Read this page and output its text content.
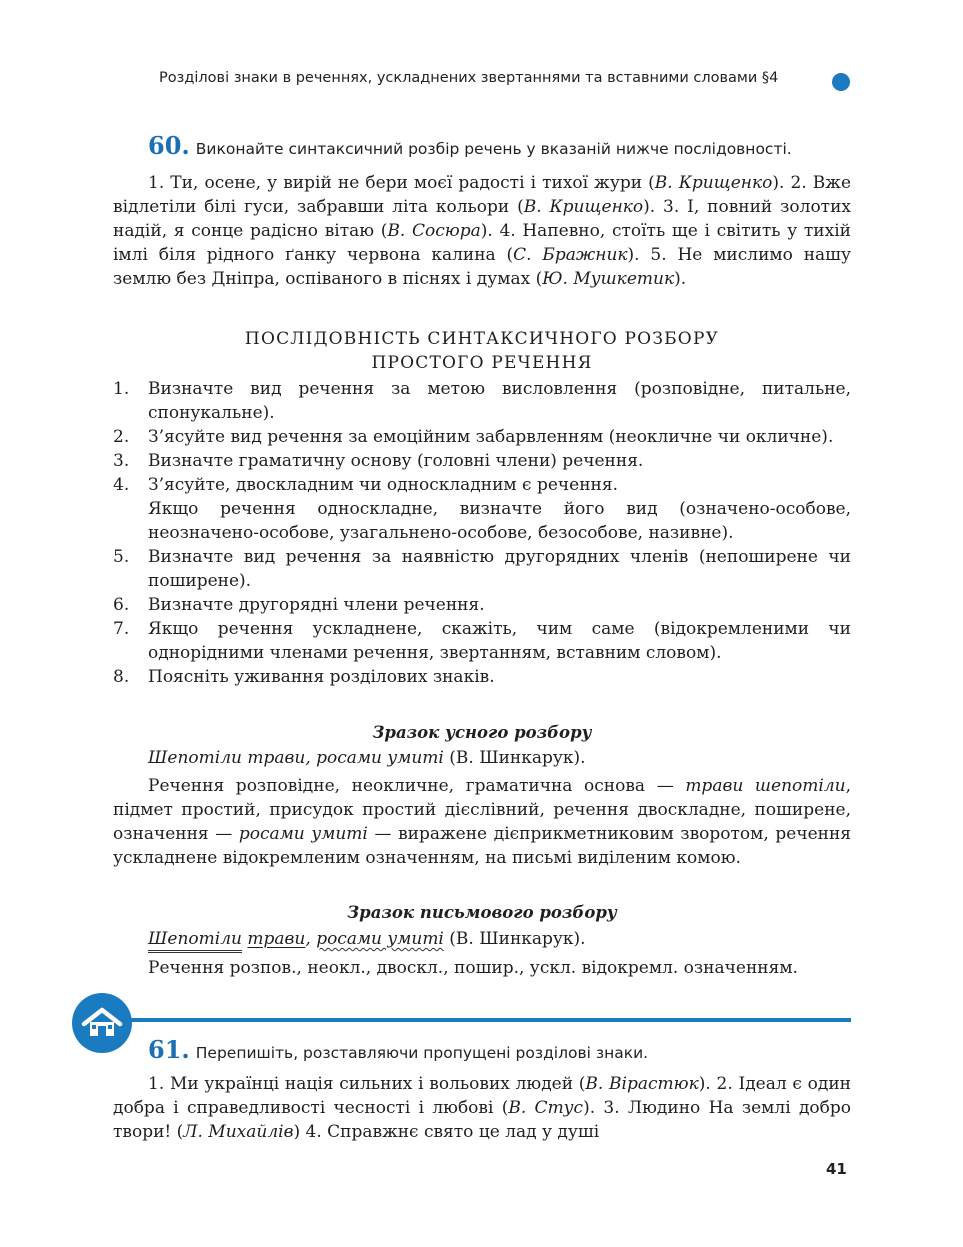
Розділові знаки в реченнях, ускладнених звертаннями та вставними словами §4
60. Виконайте синтаксичний розбір речень у вказаній нижче послідовності.
1. Ти, осене, у вирій не бери моєї радості і тихої жури (В. Крищенко). 2. Вже відлетіли білі гуси, забравши літа кольори (В. Крищенко). 3. І, повний золотих надій, я сонце радісно вітаю (В. Сосюра). 4. Напевно, стоїть ще і світить у тихій імлі біля рідного ґанку червона калина (С. Бражник). 5. Не мислимо нашу землю без Дніпра, оспіваного в піснях і думах (Ю. Мушкетик).
ПОСЛІДОВНІСТЬ СИНТАКСИЧНОГО РОЗБОРУ
ПРОСТОГО РЕЧЕННЯ
1. Визначте вид речення за метою висловлення (розповідне, питальне, спонукальне).
2. З’ясуйте вид речення за емоційним забарвленням (неокличне чи окличне).
3. Визначте граматичну основу (головні члени) речення.
4. З’ясуйте, двоскладним чи односкладним є речення.
Якщо речення односкладне, визначте його вид (означено-особове, неозначено-особове, узагальнено-особове, безособове, називне).
5. Визначте вид речення за наявністю другорядних членів (непоширене чи поширене).
6. Визначте другорядні члени речення.
7. Якщо речення ускладнене, скажіть, чим саме (відокремленими чи однорідними членами речення, звертанням, вставним словом).
8. Поясніть уживання розділових знаків.
Зразок усного розбору
Шепотіли трави, росами умиті (В. Шинкарук).
Речення розповідне, неокличне, граматична основа — трави шепотіли, підмет простий, присудок простий дієслівний, речення двоскладне, поширене, означення — росами умиті — виражене дієприкметниковим зворотом, речення ускладнене відокремленим означенням, на письмі виділеним комою.
Зразок письмового розбору
Шепотіли трави, росами умиті (В. Шинкарук).
Речення розпов., неокл., двоскл., пошир., ускл. відокремл. означенням.
61. Перепишіть, розставляючи пропущені розділові знаки.
1. Ми українці нація сильних і вольових людей (В. Вірастюк). 2. Ідеал є один добра і справедливості чесності і любові (В. Стус). 3. Людино На землі добро твори! (Л. Михайлів) 4. Справжнє свято це лад у душі
41
